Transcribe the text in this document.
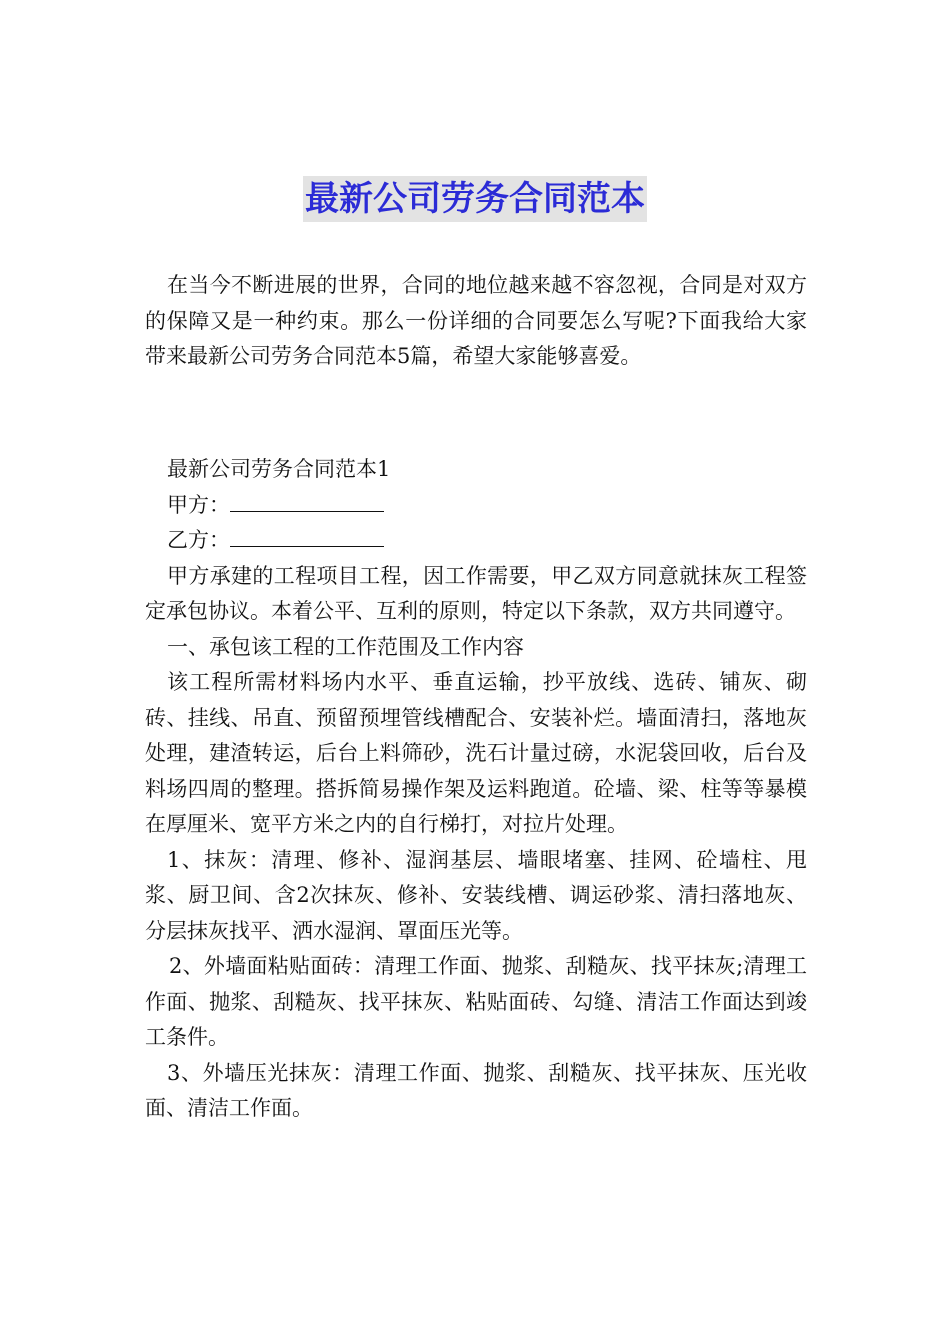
最新公司劳务合同范本

在当今不断进展的世界，合同的地位越来越不容忽视，合同是对双方的保障又是一种约束。那么一份详细的合同要怎么写呢?下面我给大家带来最新公司劳务合同范本5篇，希望大家能够喜爱。

最新公司劳务合同范本1

甲方：

乙方：

甲方承建的工程项目工程，因工作需要，甲乙双方同意就抹灰工程签定承包协议。本着公平、互利的原则，特定以下条款，双方共同遵守。

一、承包该工程的工作范围及工作内容

该工程所需材料场内水平、垂直运输，抄平放线、选砖、铺灰、砌砖、挂线、吊直、预留预埋管线槽配合、安装补烂。墙面清扫，落地灰处理，建渣转运，后台上料筛砂，洗石计量过磅，水泥袋回收，后台及料场四周的整理。搭拆简易操作架及运料跑道。砼墙、梁、柱等等暴模在厚厘米、宽平方米之内的自行梯打，对拉片处理。

1、抹灰：清理、修补、湿润基层、墙眼堵塞、挂网、砼墙柱、甩浆、厨卫间、含2次抹灰、修补、安装线槽、调运砂浆、清扫落地灰、分层抹灰找平、洒水湿润、罩面压光等。

2、外墙面粘贴面砖：清理工作面、抛浆、刮糙灰、找平抹灰;清理工作面、抛浆、刮糙灰、找平抹灰、粘贴面砖、勾缝、清洁工作面达到竣工条件。

3、外墙压光抹灰：清理工作面、抛浆、刮糙灰、找平抹灰、压光收面、清洁工作面。
